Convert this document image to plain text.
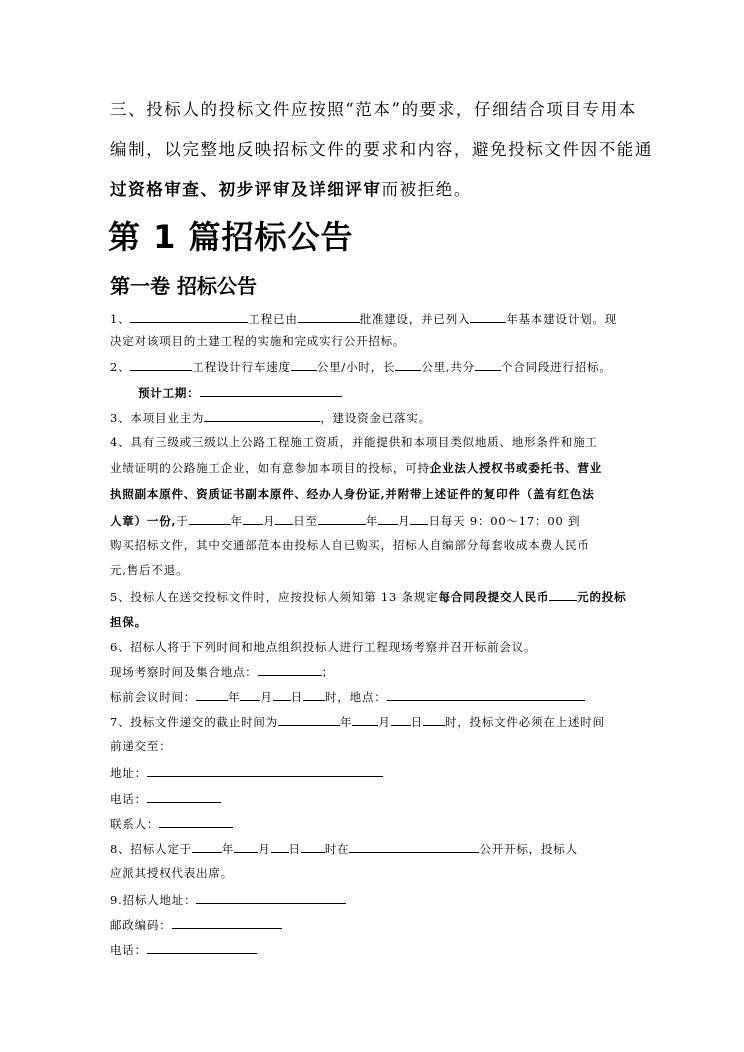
三、投标人的投标文件应按照“范本”的要求，仔细结合项目专用本
编制，以完整地反映招标文件的要求和内容，避免投标文件因不能通
过资格审查、初步评审及详细评审而被拒绝。
第 1 篇招标公告
第一卷 招标公告
1、	工程已由	批准建设，并已列入	年基本建设计划。现
决定对该项目的土建工程的实施和完成实行公开招标。
2、	工程设计行车速度 公里/小时，长 公里,共分 个合同段进行招标。
预计工期：
3、本项目业主为	，建设资金已落实。
4、具有三级或三级以上公路工程施工资质，并能提供和本项目类似地质、地形条件和施工
业绩证明的公路施工企业，如有意参加本项目的投标，可持企业法人授权书或委托书、营业
执照副本原件、资质证书副本原件、经办人身份证,并附带上述证件的复印件（盖有红色法
人章）一份,于	年 月 日至	年 月 日每天 9：00～17：00 到
购买招标文件，其中交通部范本由投标人自已购买，招标人自编部分每套收成本费人民币
元,售后不退。
5、投标人在送交投标文件时，应按投标人须知第 13 条规定每合同段提交人民币 元的投标
担保。
6、招标人将于下列时间和地点组织投标人进行工程现场考察并召开标前会议。
现场考察时间及集合地点：	；
标前会议时间：	年 月 日 时，地点：
7、投标文件递交的截止时间为	年 月 日 时，投标文件必须在上述时间
前递交至：
地址：
电话：
联系人：
8、招标人定于	年 月 日 时在	公开开标，投标人
应派其授权代表出席。
9.招标人地址：
邮政编码：
电话：
